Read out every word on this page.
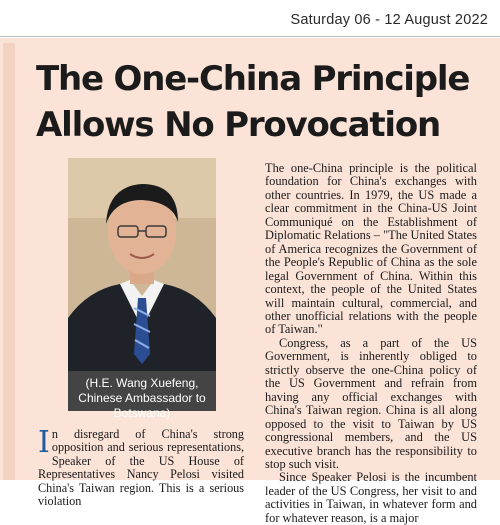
Saturday 06 - 12 August 2022
The One-China Principle
Allows No Provocation
(H.E. Wang Xuefeng, Chinese Ambassador to Botswana)
I n disregard of China's strong opposition and serious representations, Speaker of the US House of Representatives Nancy Pelosi visited China's Taiwan region. This is a serious violation

The one-China principle is the political foundation for China's exchanges with other countries. In 1979, the US made a clear commitment in the China-US Joint Communiqué on the Establishment of Diplomatic Relations – "The United States of America recognizes the Government of the People's Republic of China as the sole legal Government of China. Within this context, the people of the United States will maintain cultural, commercial, and other unofficial relations with the people of Taiwan."

Congress, as a part of the US Government, is inherently obliged to strictly observe the one-China policy of the US Government and refrain from having any official exchanges with China's Taiwan region. China is all along opposed to the visit to Taiwan by US congressional members, and the US executive branch has the responsibility to stop such visit.

Since Speaker Pelosi is the incumbent leader of the US Congress, her visit to and activities in Taiwan, in whatever form and for whatever reason, is a major
